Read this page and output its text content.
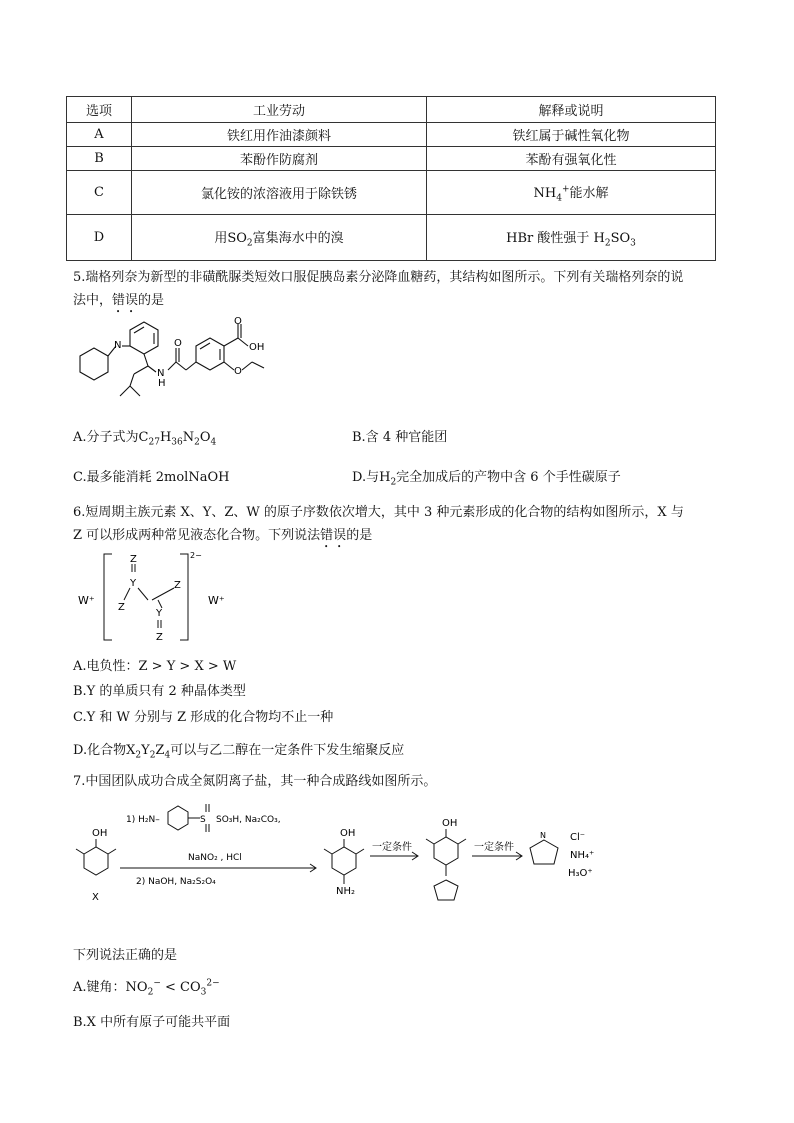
选项	工业劳动	解释或说明
A	铁红用作油漆颜料	铁红属于碱性氧化物
B	苯酚作防腐剂	苯酚有强氧化性
C	氯化铵的浓溶液用于除铁锈	$NH_4^+$能水解
D	用$SO_2$富集海水中的溴	HBr 酸性强于 $H_2SO_3$
5.瑞格列奈为新型的非磺酰脲类短效口服促胰岛素分泌降血糖药，其结构如图所示。下列有关瑞格列奈的说
法中，错误的是
N
N
H
O
O
OH
O
A.分子式为$C_{27}H_{36}N_2O_4$	B.含 4 种官能团
C.最多能消耗 2molNaOH	D.与$H_2$完全加成后的产物中含 6 个手性碳原子
6.短周期主族元素 X、Y、Z、W 的原子序数依次增大，其中 3 种元素形成的化合物的结构如图所示，X 与
Z 可以形成两种常见液态化合物。下列说法错误的是
W⁺	W⁺
2−
Z
Y
Z
Z
Y
Z
A.电负性：Z > Y > X > W
B.Y 的单质只有 2 种晶体类型
C.Y 和 W 分别与 Z 形成的化合物均不止一种
D.化合物$X_2Y_2Z_4$可以与乙二醇在一定条件下发生缩聚反应
7.中国团队成功合成全氮阴离子盐，其一种合成路线如图所示。
OH
X
1) H₂N–	S SO₃H, Na₂CO₃,
NaNO₂ , HCl
2) NaOH, Na₂S₂O₄
OH
NH₂
一定条件
OH
一定条件
N Cl⁻
NH₄⁺
H₃O⁺
下列说法正确的是
A.键角：$NO_2^- < CO_3^{2-}$
B.X 中所有原子可能共平面
